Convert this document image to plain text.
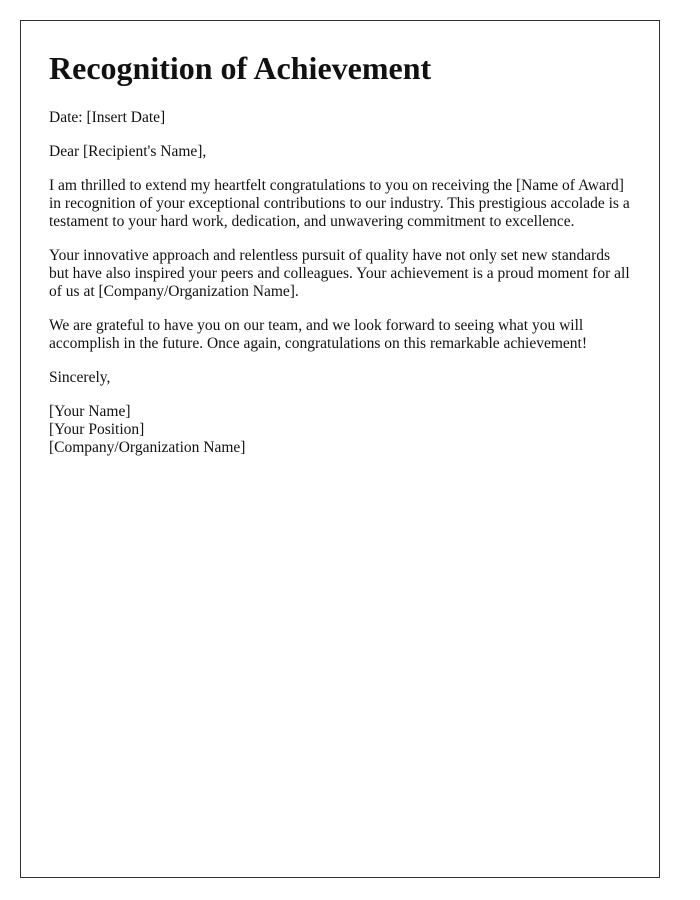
Recognition of Achievement

Date: [Insert Date]

Dear [Recipient's Name],

I am thrilled to extend my heartfelt congratulations to you on receiving the [Name of Award] in recognition of your exceptional contributions to our industry. This prestigious accolade is a testament to your hard work, dedication, and unwavering commitment to excellence.

Your innovative approach and relentless pursuit of quality have not only set new standards but have also inspired your peers and colleagues. Your achievement is a proud moment for all of us at [Company/Organization Name].

We are grateful to have you on our team, and we look forward to seeing what you will accomplish in the future. Once again, congratulations on this remarkable achievement!

Sincerely,

[Your Name]
[Your Position]
[Company/Organization Name]
